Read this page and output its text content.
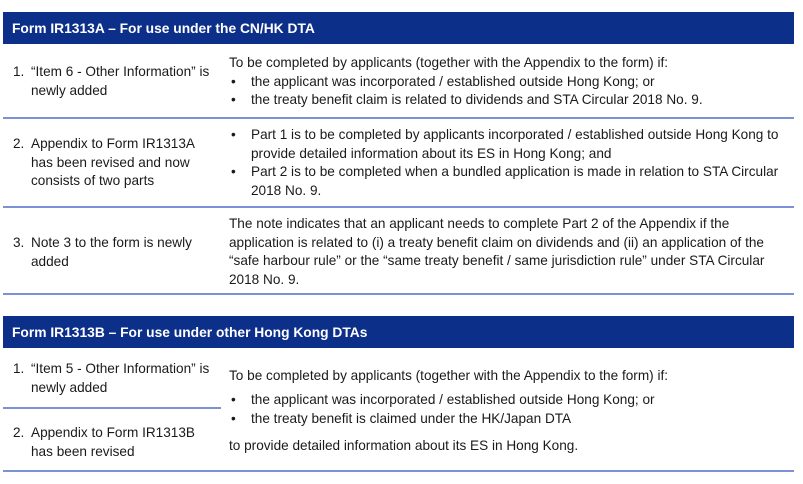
Form IR1313A – For use under the CN/HK DTA
1. “Item 6 - Other Information” is newly added
To be completed by applicants (together with the Appendix to the form) if:
• the applicant was incorporated / established outside Hong Kong; or
• the treaty benefit claim is related to dividends and STA Circular 2018 No. 9.
2. Appendix to Form IR1313A has been revised and now consists of two parts
• Part 1 is to be completed by applicants incorporated / established outside Hong Kong to provide detailed information about its ES in Hong Kong; and
• Part 2 is to be completed when a bundled application is made in relation to STA Circular 2018 No. 9.
3. Note 3 to the form is newly added
The note indicates that an applicant needs to complete Part 2 of the Appendix if the application is related to (i) a treaty benefit claim on dividends and (ii) an application of the “safe harbour rule” or the “same treaty benefit / same jurisdiction rule” under STA Circular 2018 No. 9.
Form IR1313B – For use under other Hong Kong DTAs
1. “Item 5 - Other Information” is newly added
2. Appendix to Form IR1313B has been revised
To be completed by applicants (together with the Appendix to the form) if:
• the applicant was incorporated / established outside Hong Kong; or
• the treaty benefit is claimed under the HK/Japan DTA
to provide detailed information about its ES in Hong Kong.
